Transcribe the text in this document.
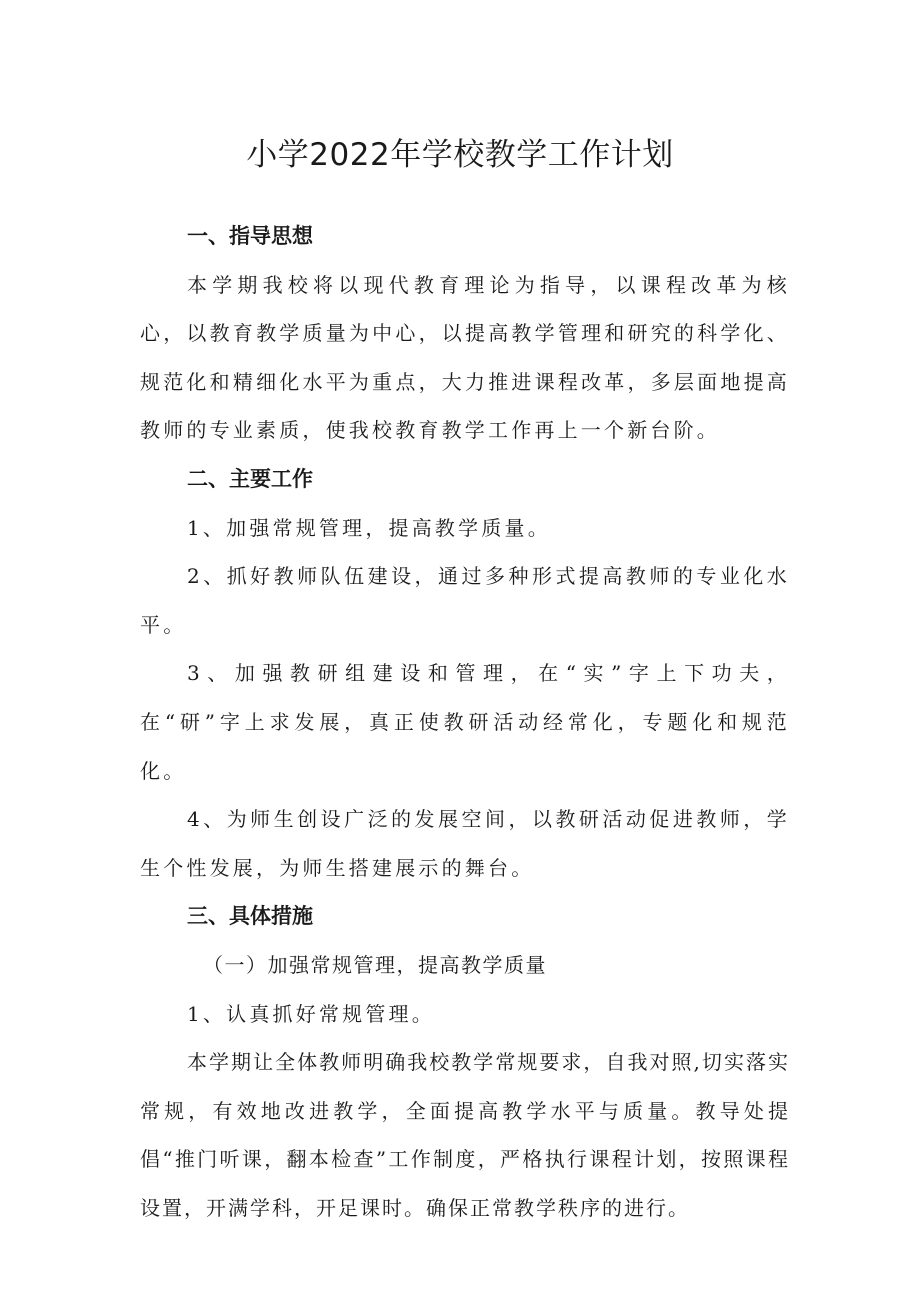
小学2022年学校教学工作计划
一、指导思想

本学期我校将以现代教育理论为指导，以课程改革为核心，以教育教学质量为中心，以提高教学管理和研究的科学化、规范化和精细化水平为重点，大力推进课程改革，多层面地提高教师的专业素质，使我校教育教学工作再上一个新台阶。

二、主要工作

1、加强常规管理，提高教学质量。

2、抓好教师队伍建设，通过多种形式提高教师的专业化水平。

3、加强教研组建设和管理，在“实”字上下功夫，在“研”字上求发展，真正使教研活动经常化，专题化和规范化。

4、为师生创设广泛的发展空间，以教研活动促进教师，学生个性发展，为师生搭建展示的舞台。

三、具体措施

（一）加强常规管理，提高教学质量

1、认真抓好常规管理。

本学期让全体教师明确我校教学常规要求，自我对照,切实落实常规，有效地改进教学，全面提高教学水平与质量。教导处提倡“推门听课，翻本检查”工作制度，严格执行课程计划，按照课程设置，开满学科，开足课时。确保正常教学秩序的进行。
